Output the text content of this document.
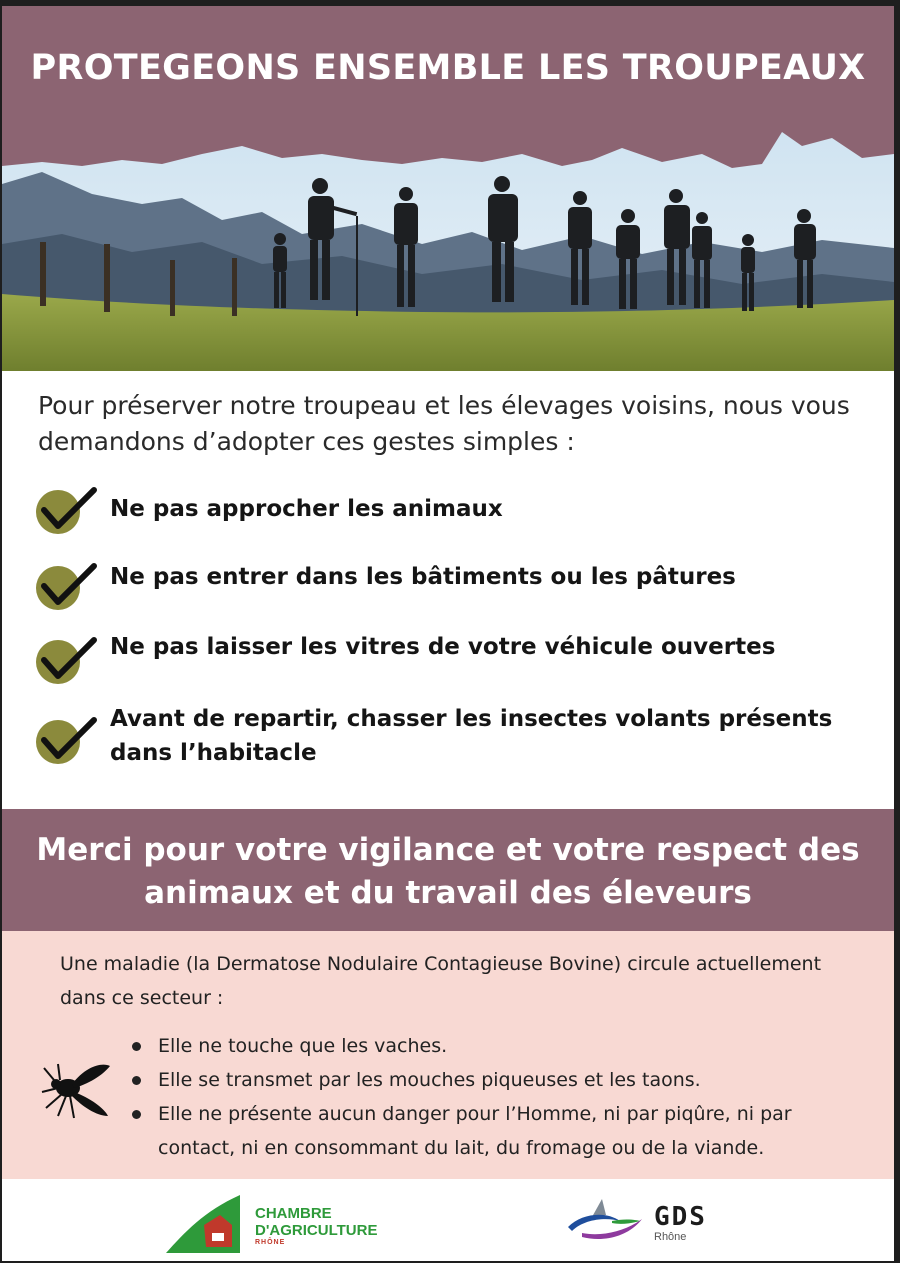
PROTEGEONS ENSEMBLE LES TROUPEAUX
Pour préserver notre troupeau et les élevages voisins, nous vous demandons d’adopter ces gestes simples :
Ne pas approcher les animaux
Ne pas entrer dans les bâtiments ou les pâtures
Ne pas laisser les vitres de votre véhicule ouvertes
Avant de repartir, chasser les insectes volants présents dans l’habitacle
Merci pour votre vigilance et votre respect des animaux et du travail des éleveurs
Une maladie (la Dermatose Nodulaire Contagieuse Bovine) circule actuellement dans ce secteur :
Elle ne touche que les vaches.
Elle se transmet par les mouches piqueuses et les taons.
Elle ne présente aucun danger pour l’Homme, ni par piqûre, ni par contact, ni en consommant du lait, du fromage ou de la viande.
CHAMBRE
D'AGRICULTURE
RHÔNE
GDS
Rhône
